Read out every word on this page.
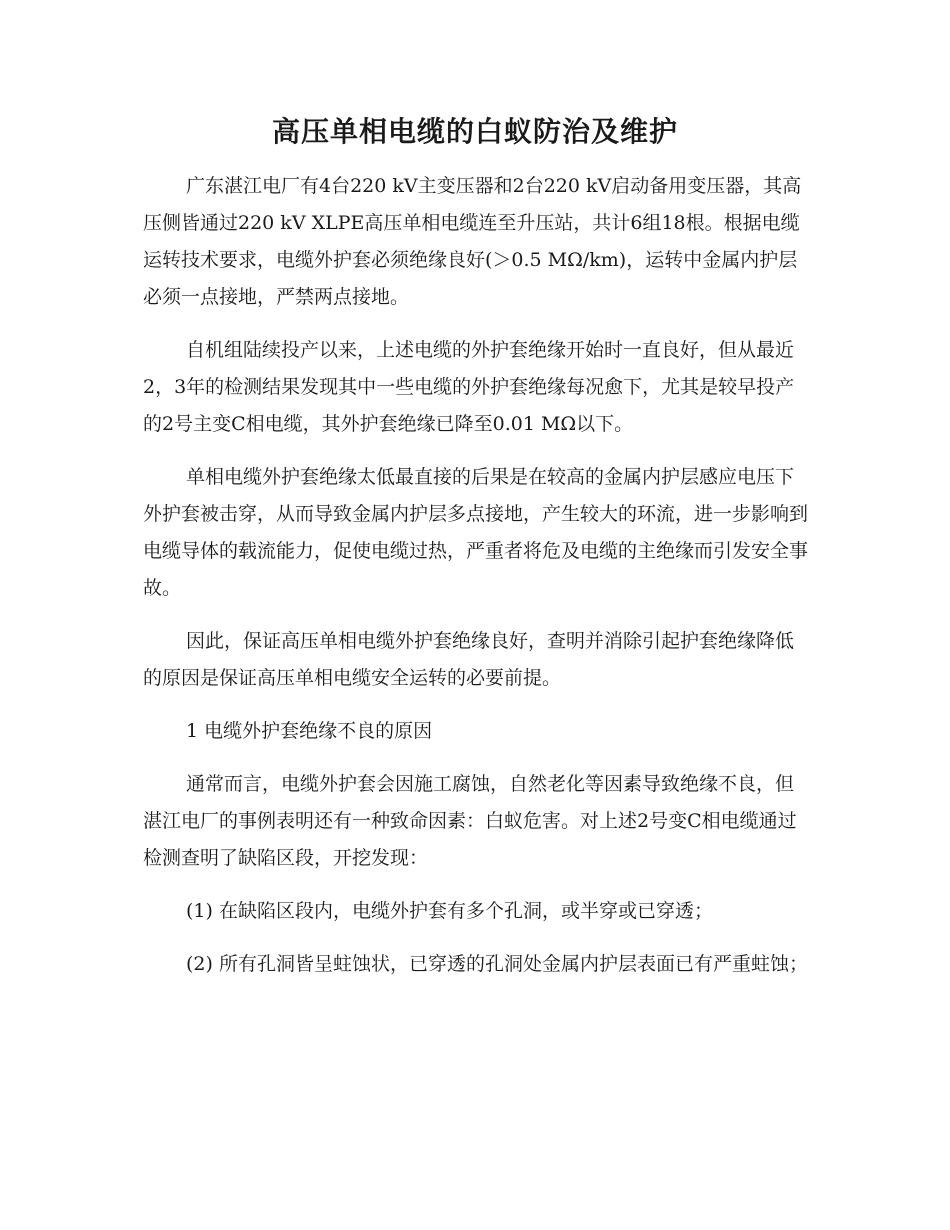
高压单相电缆的白蚁防治及维护

广东湛江电厂有4台220 kV主变压器和2台220 kV启动备用变压器，其高压侧皆通过220 kV XLPE高压单相电缆连至升压站，共计6组18根。根据电缆运转技术要求，电缆外护套必须绝缘良好(＞0.5 MΩ/km)，运转中金属内护层必须一点接地，严禁两点接地。

自机组陆续投产以来，上述电缆的外护套绝缘开始时一直良好，但从最近2，3年的检测结果发现其中一些电缆的外护套绝缘每况愈下，尤其是较早投产的2号主变C相电缆，其外护套绝缘已降至0.01 MΩ以下。

单相电缆外护套绝缘太低最直接的后果是在较高的金属内护层感应电压下外护套被击穿，从而导致金属内护层多点接地，产生较大的环流，进一步影响到电缆导体的载流能力，促使电缆过热，严重者将危及电缆的主绝缘而引发安全事故。

因此，保证高压单相电缆外护套绝缘良好，查明并消除引起护套绝缘降低的原因是保证高压单相电缆安全运转的必要前提。

1 电缆外护套绝缘不良的原因

通常而言，电缆外护套会因施工腐蚀，自然老化等因素导致绝缘不良，但湛江电厂的事例表明还有一种致命因素：白蚁危害。对上述2号变C相电缆通过检测查明了缺陷区段，开挖发现：

(1) 在缺陷区段内，电缆外护套有多个孔洞，或半穿或已穿透；

(2) 所有孔洞皆呈蛀蚀状，已穿透的孔洞处金属内护层表面已有严重蛀蚀；
